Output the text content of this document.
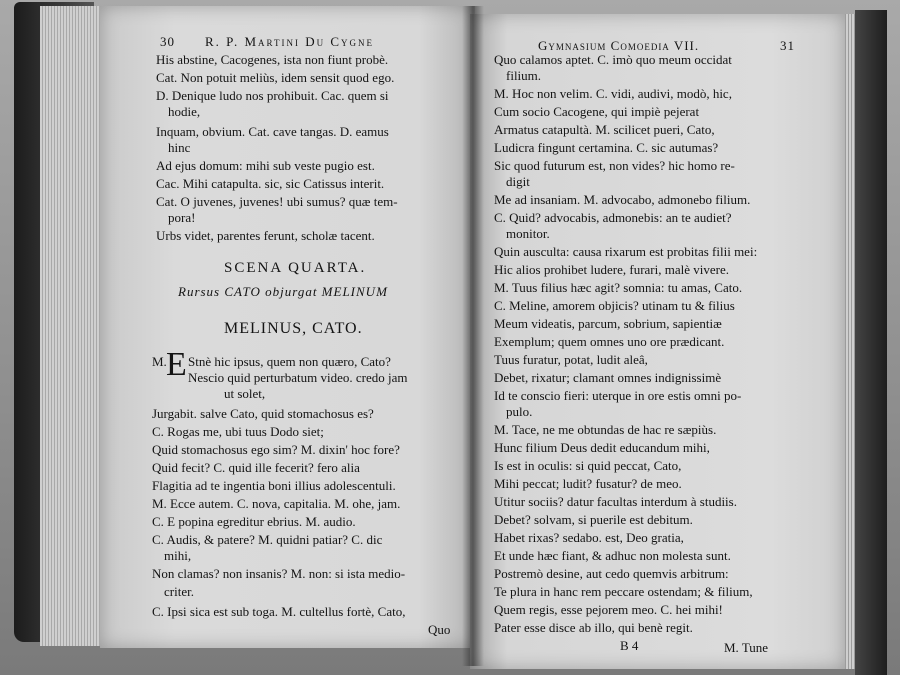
30 R. P. Martini Du Cygne
His abstine, Cacogenes, ista non fiunt probè.
Cat. Non potuit meliùs, idem sensit quod ego.
D. Denique ludo nos prohibuit. Cac. quem si
hodie,
Inquam, obvium. Cat. cave tangas. D. eamus
hinc
Ad ejus domum: mihi sub veste pugio est.
Cac. Mihi catapulta. sic, sic Catissus interit.
Cat. O juvenes, juvenes! ubi sumus? quæ tem-
pora!
Urbs videt, parentes ferunt, scholæ tacent.
SCENA QUARTA.
Rursus CATO objurgat MELINUM
MELINUS, CATO.
M. E Stnè hic ipsus, quem non quæro, Cato?
Nescio quid perturbatum video. credo jam
ut solet,
Jurgabit. salve Cato, quid stomachosus es?
C. Rogas me, ubi tuus Dodo siet;
Quid stomachosus ego sim? M. dixin' hoc fore?
Quid fecit? C. quid ille fecerit? fero alia
Flagitia ad te ingentia boni illius adolescentuli.
M. Ecce autem. C. nova, capitalia. M. ohe, jam.
C. E popina egreditur ebrius. M. audio.
C. Audis, & patere? M. quidni patiar? C. dic
mihi,
Non clamas? non insanis? M. non: si ista medio-
criter.
C. Ipsi sica est sub toga. M. cultellus fortè, Cato,
Quo
Gymnasium Comoedia VII.	31
Quo calamos aptet. C. imò quo meum occidat
filium.
M. Hoc non velim. C. vidi, audivi, modò, hic,
Cum socio Cacogene, qui impiè pejerat
Armatus catapultà. M. scilicet pueri, Cato,
Ludicra fingunt certamina. C. sic autumas?
Sic quod futurum est, non vides? hic homo re-
digit
Me ad insaniam. M. advocabo, admonebo filium.
C. Quid? advocabis, admonebis: an te audiet?
monitor.
Quin ausculta: causa rixarum est probitas filii mei:
Hic alios prohibet ludere, furari, malè vivere.
M. Tuus filius hæc agit? somnia: tu amas, Cato.
C. Meline, amorem objicis? utinam tu & filius
Meum videatis, parcum, sobrium, sapientiæ
Exemplum; quem omnes uno ore prædicant.
Tuus furatur, potat, ludit aleâ,
Debet, rixatur; clamant omnes indignissimè
Id te conscio fieri: uterque in ore estis omni po-
pulo.
M. Tace, ne me obtundas de hac re sæpiùs.
Hunc filium Deus dedit educandum mihi,
Is est in oculis: si quid peccat, Cato,
Mihi peccat; ludit? fusatur? de meo.
Utitur sociis? datur facultas interdum à studiis.
Debet? solvam, si puerile est debitum.
Habet rixas? sedabo. est, Deo gratia,
Et unde hæc fiant, & adhuc non molesta sunt.
Postremò desine, aut cedo quemvis arbitrum:
Te plura in hanc rem peccare ostendam; & filium,
Quem regis, esse pejorem meo. C. hei mihi!
Pater esse disce ab illo, qui benè regit.
B 4	M. Tune
